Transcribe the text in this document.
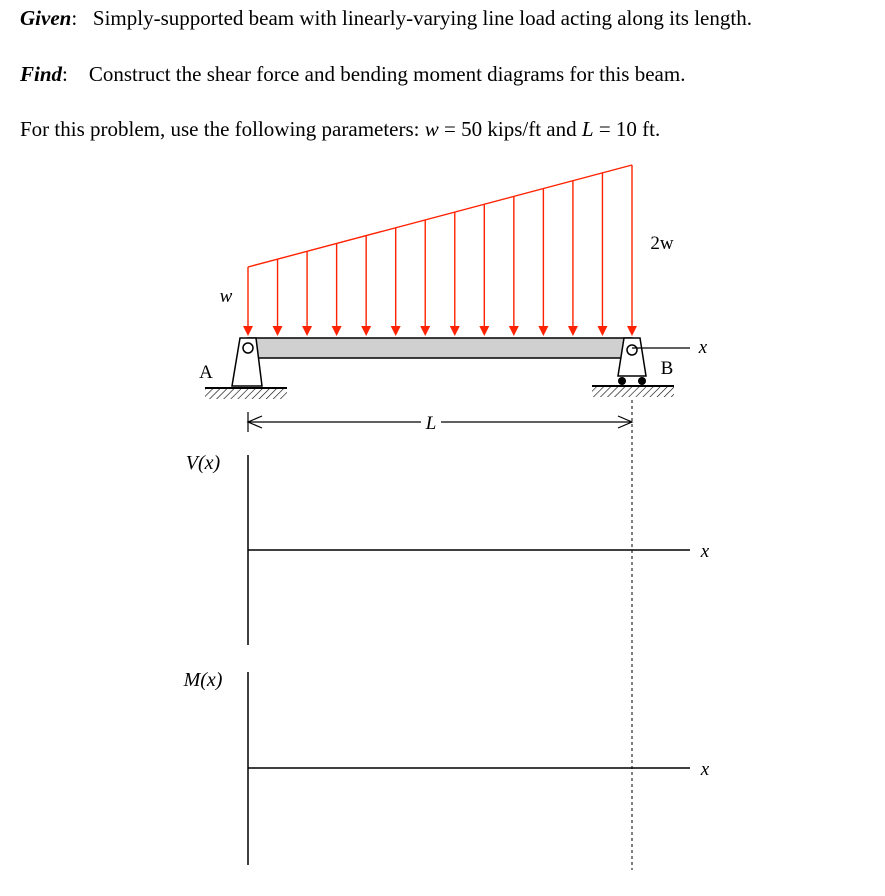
Given:   Simply-supported beam with linearly-varying line load acting along its length.
Find:    Construct the shear force and bending moment diagrams for this beam.
For this problem, use the following parameters: w = 50 kips/ft and L = 10 ft.
w
2w
A	B
x
L
V(x)
x
M(x)
x
